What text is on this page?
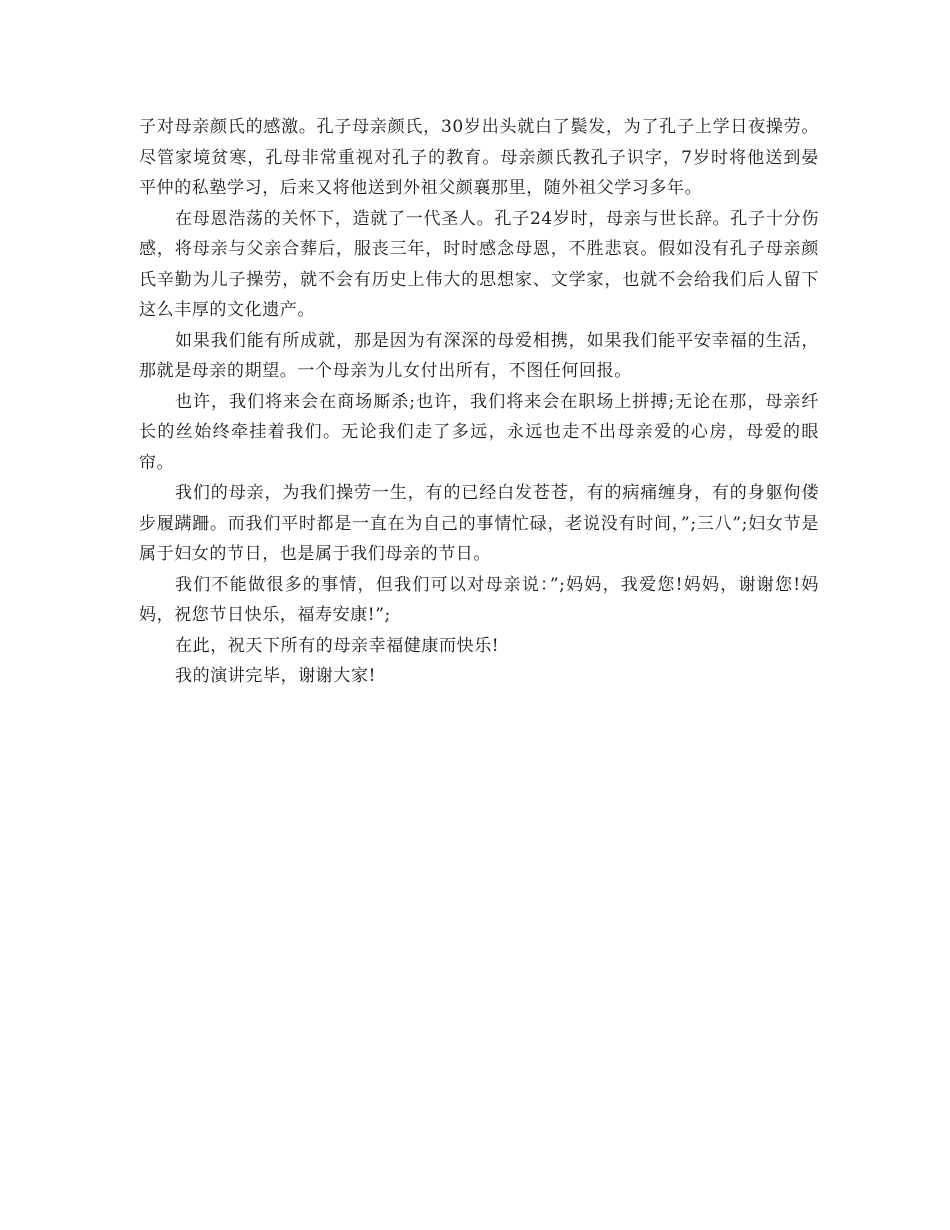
子对母亲颜氏的感激。孔子母亲颜氏，30岁出头就白了鬓发，为了孔子上学日夜操劳。尽管家境贫寒，孔母非常重视对孔子的教育。母亲颜氏教孔子识字，7岁时将他送到晏平仲的私塾学习，后来又将他送到外祖父颜襄那里，随外祖父学习多年。

在母恩浩荡的关怀下，造就了一代圣人。孔子24岁时，母亲与世长辞。孔子十分伤感，将母亲与父亲合葬后，服丧三年，时时感念母恩，不胜悲哀。假如没有孔子母亲颜氏辛勤为儿子操劳，就不会有历史上伟大的思想家、文学家，也就不会给我们后人留下这么丰厚的文化遗产。

如果我们能有所成就，那是因为有深深的母爱相携，如果我们能平安幸福的生活，那就是母亲的期望。一个母亲为儿女付出所有，不图任何回报。

也许，我们将来会在商场厮杀;也许，我们将来会在职场上拼搏;无论在那，母亲纤长的丝始终牵挂着我们。无论我们走了多远，永远也走不出母亲爱的心房，母爱的眼帘。

我们的母亲，为我们操劳一生，有的已经白发苍苍，有的病痛缠身，有的身躯佝偻步履蹒跚。而我们平时都是一直在为自己的事情忙碌，老说没有时间，”;三八”;妇女节是属于妇女的节日，也是属于我们母亲的节日。

我们不能做很多的事情，但我们可以对母亲说：”;妈妈，我爱您!妈妈，谢谢您!妈妈，祝您节日快乐，福寿安康!”;

在此，祝天下所有的母亲幸福健康而快乐!

我的演讲完毕，谢谢大家!
